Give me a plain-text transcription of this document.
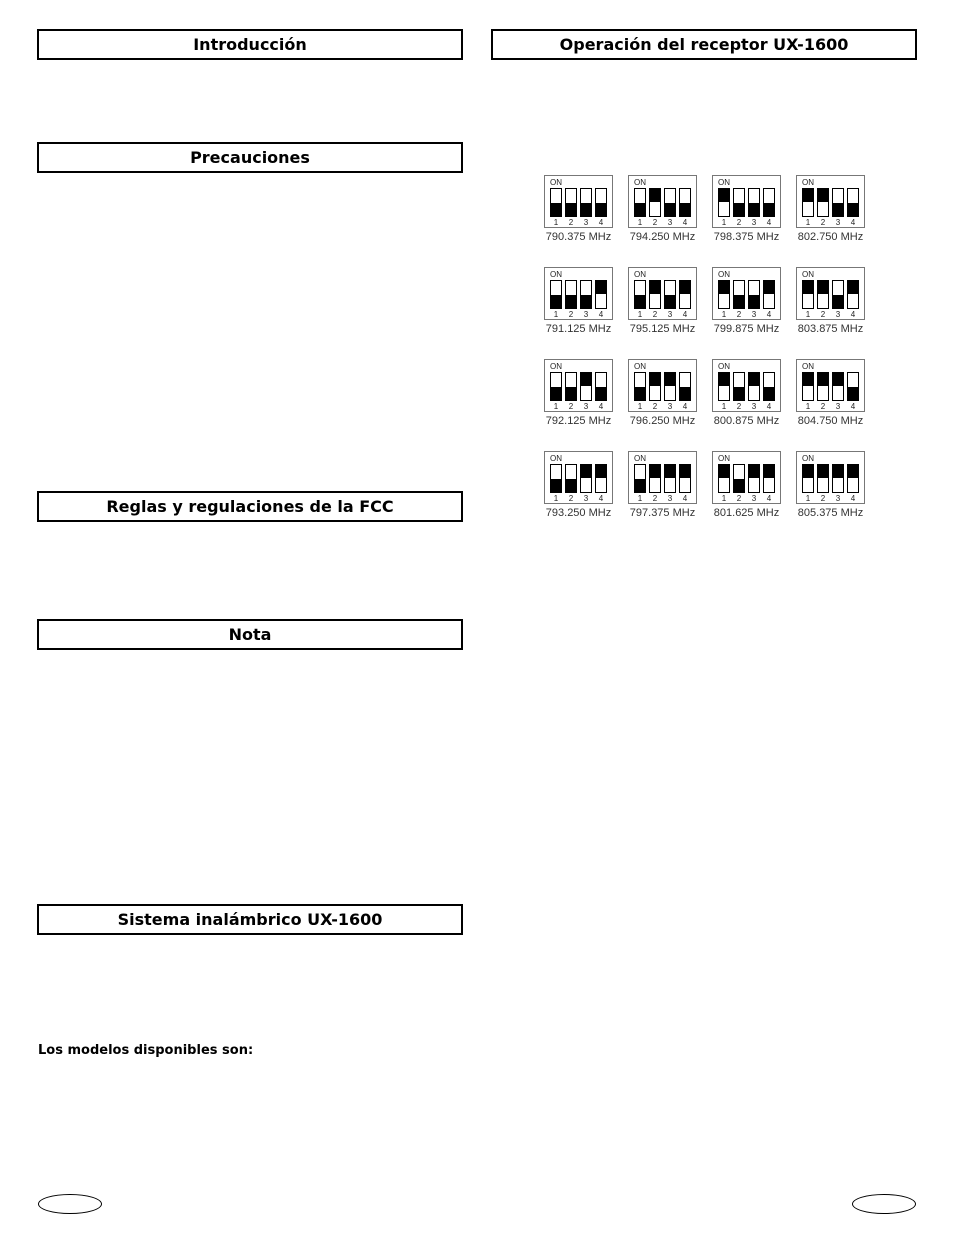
Introducción
Precauciones
Reglas y regulaciones de la FCC
Nota
Sistema inalámbrico UX-1600
Los modelos disponibles son:
Operación del receptor UX-1600
ON
1	2	3	4
790.375 MHz
ON
1	2	3	4
794.250 MHz
ON
1	2	3	4
798.375 MHz
ON
1	2	3	4
802.750 MHz
ON
1	2	3	4
791.125 MHz
ON
1	2	3	4
795.125 MHz
ON
1	2	3	4
799.875 MHz
ON
1	2	3	4
803.875 MHz
ON
1	2	3	4
792.125 MHz
ON
1	2	3	4
796.250 MHz
ON
1	2	3	4
800.875 MHz
ON
1	2	3	4
804.750 MHz
ON
1	2	3	4
793.250 MHz
ON
1	2	3	4
797.375 MHz
ON
1	2	3	4
801.625 MHz
ON
1	2	3	4
805.375 MHz
